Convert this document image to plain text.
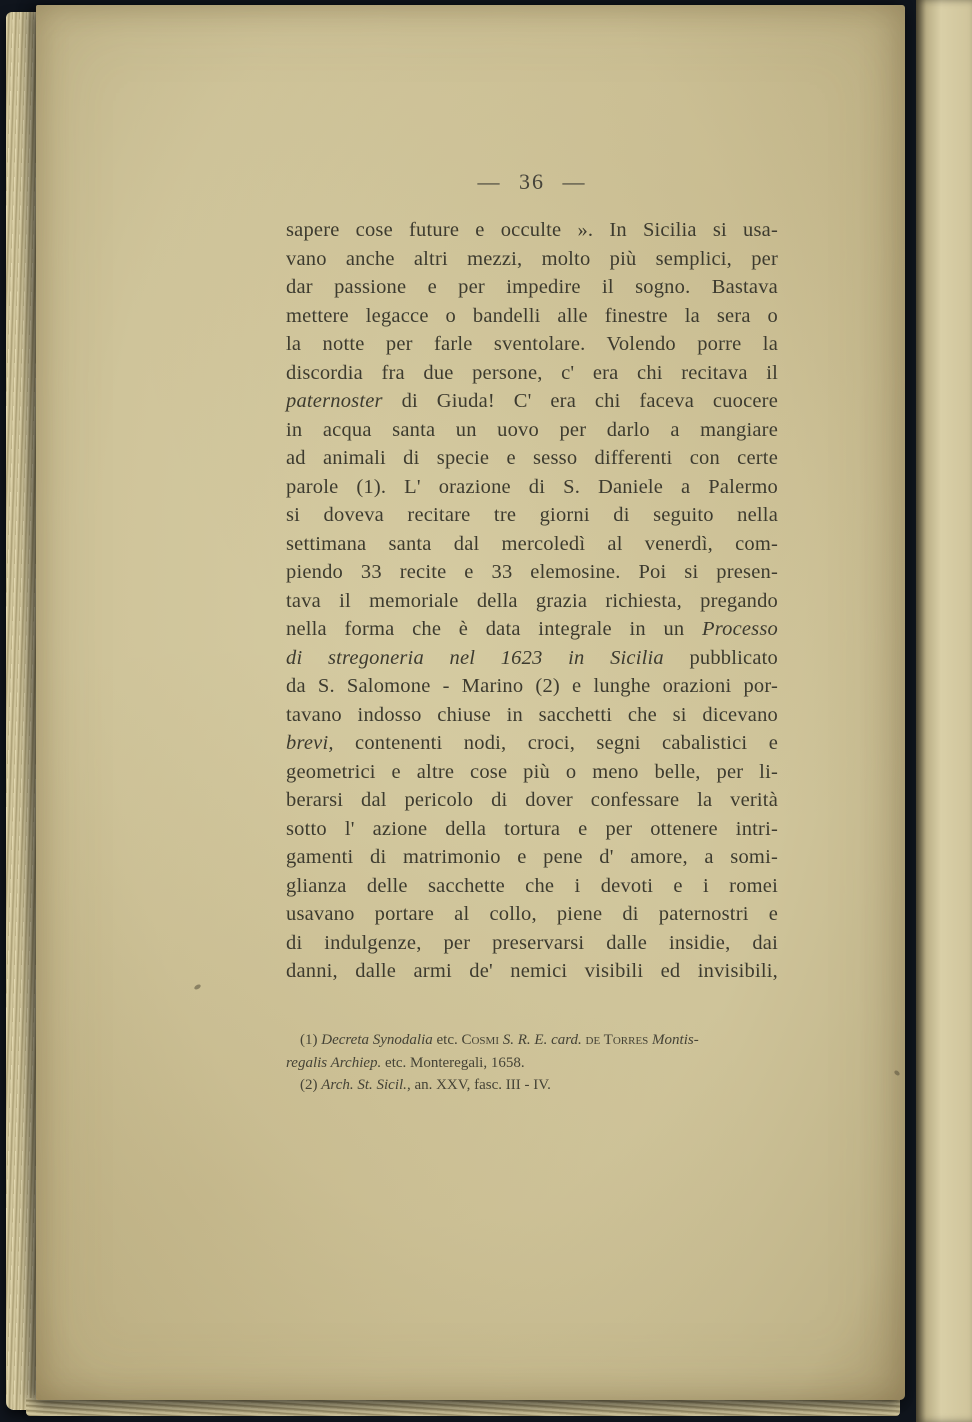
— 36 —
sapere cose future e occulte ». In Sicilia si usa-
vano anche altri mezzi, molto più semplici, per
dar passione e per impedire il sogno. Bastava
mettere legacce o bandelli alle finestre la sera o
la notte per farle sventolare. Volendo porre la
discordia fra due persone, c' era chi recitava il
paternoster di Giuda! C' era chi faceva cuocere
in acqua santa un uovo per darlo a mangiare
ad animali di specie e sesso differenti con certe
parole (1). L' orazione di S. Daniele a Palermo
si doveva recitare tre giorni di seguito nella
settimana santa dal mercoledì al venerdì, com-
piendo 33 recite e 33 elemosine. Poi si presen-
tava il memoriale della grazia richiesta, pregando
nella forma che è data integrale in un Processo
di stregoneria nel 1623 in Sicilia pubblicato
da S. Salomone - Marino (2) e lunghe orazioni por-
tavano indosso chiuse in sacchetti che si dicevano
brevi, contenenti nodi, croci, segni cabalistici e
geometrici e altre cose più o meno belle, per li-
berarsi dal pericolo di dover confessare la verità
sotto l' azione della tortura e per ottenere intri-
gamenti di matrimonio e pene d' amore, a somi-
glianza delle sacchette che i devoti e i romei
usavano portare al collo, piene di paternostri e
di indulgenze, per preservarsi dalle insidie, dai
danni, dalle armi de' nemici visibili ed invisibili,
(1) Decreta Synodalia etc. Cosmi S. R. E. card. de Torres Montis-
regalis Archiep. etc. Monteregali, 1658.
(2) Arch. St. Sicil., an. XXV, fasc. III - IV.
